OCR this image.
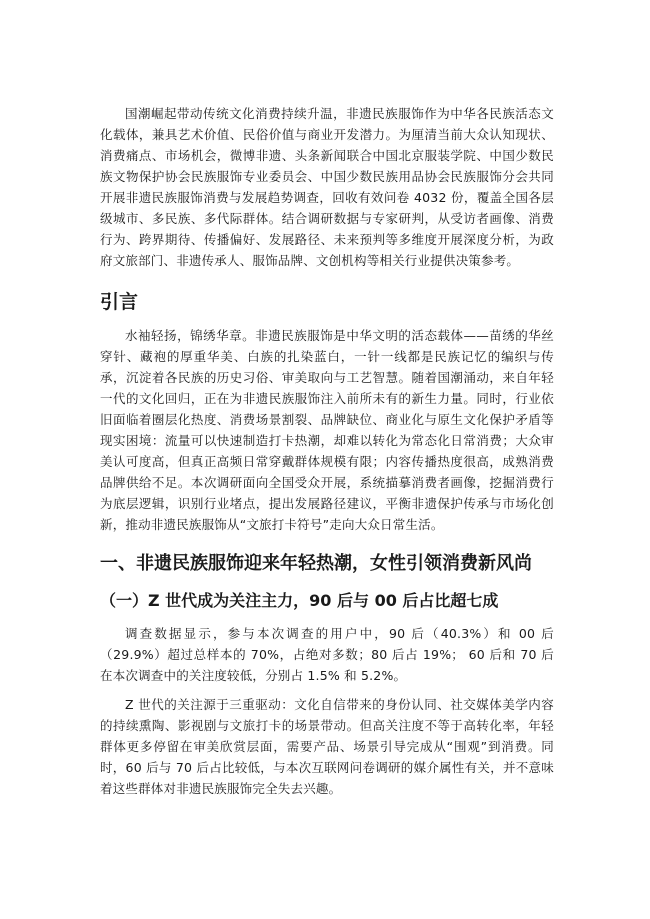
国潮崛起带动传统文化消费持续升温，非遗民族服饰作为中华各民族活态文化载体，兼具艺术价值、民俗价值与商业开发潜力。为厘清当前大众认知现状、消费痛点、市场机会，微博非遗、头条新闻联合中国北京服装学院、中国少数民族文物保护协会民族服饰专业委员会、中国少数民族用品协会民族服饰分会共同开展非遗民族服饰消费与发展趋势调查，回收有效问卷 4032 份，覆盖全国各层级城市、多民族、多代际群体。结合调研数据与专家研判，从受访者画像、消费行为、跨界期待、传播偏好、发展路径、未来预判等多维度开展深度分析，为政府文旅部门、非遗传承人、服饰品牌、文创机构等相关行业提供决策参考。

引言

水袖轻扬，锦绣华章。非遗民族服饰是中华文明的活态载体——苗绣的华丝穿针、藏袍的厚重华美、白族的扎染蓝白，一针一线都是民族记忆的编织与传承，沉淀着各民族的历史习俗、审美取向与工艺智慧。随着国潮涌动，来自年轻一代的文化回归，正在为非遗民族服饰注入前所未有的新生力量。同时，行业依旧面临着圈层化热度、消费场景割裂、品牌缺位、商业化与原生文化保护矛盾等现实困境：流量可以快速制造打卡热潮，却难以转化为常态化日常消费；大众审美认可度高，但真正高频日常穿戴群体规模有限；内容传播热度很高，成熟消费品牌供给不足。本次调研面向全国受众开展，系统描摹消费者画像，挖掘消费行为底层逻辑，识别行业堵点，提出发展路径建议，平衡非遗保护传承与市场化创新，推动非遗民族服饰从“文旅打卡符号”走向大众日常生活。

一、非遗民族服饰迎来年轻热潮，女性引领消费新风尚
（一）Z 世代成为关注主力，90 后与 00 后占比超七成

调查数据显示，参与本次调查的用户中，90 后（40.3%）和 00 后（29.9%）超过总样本的 70%，占绝对多数；80 后占 19%； 60 后和 70 后在本次调查中的关注度较低，分别占 1.5% 和 5.2%。

Z 世代的关注源于三重驱动：文化自信带来的身份认同、社交媒体美学内容的持续熏陶、影视剧与文旅打卡的场景带动。但高关注度不等于高转化率，年轻群体更多停留在审美欣赏层面，需要产品、场景引导完成从“围观”到消费。同时，60 后与 70 后占比较低，与本次互联网问卷调研的媒介属性有关，并不意味着这些群体对非遗民族服饰完全失去兴趣。
